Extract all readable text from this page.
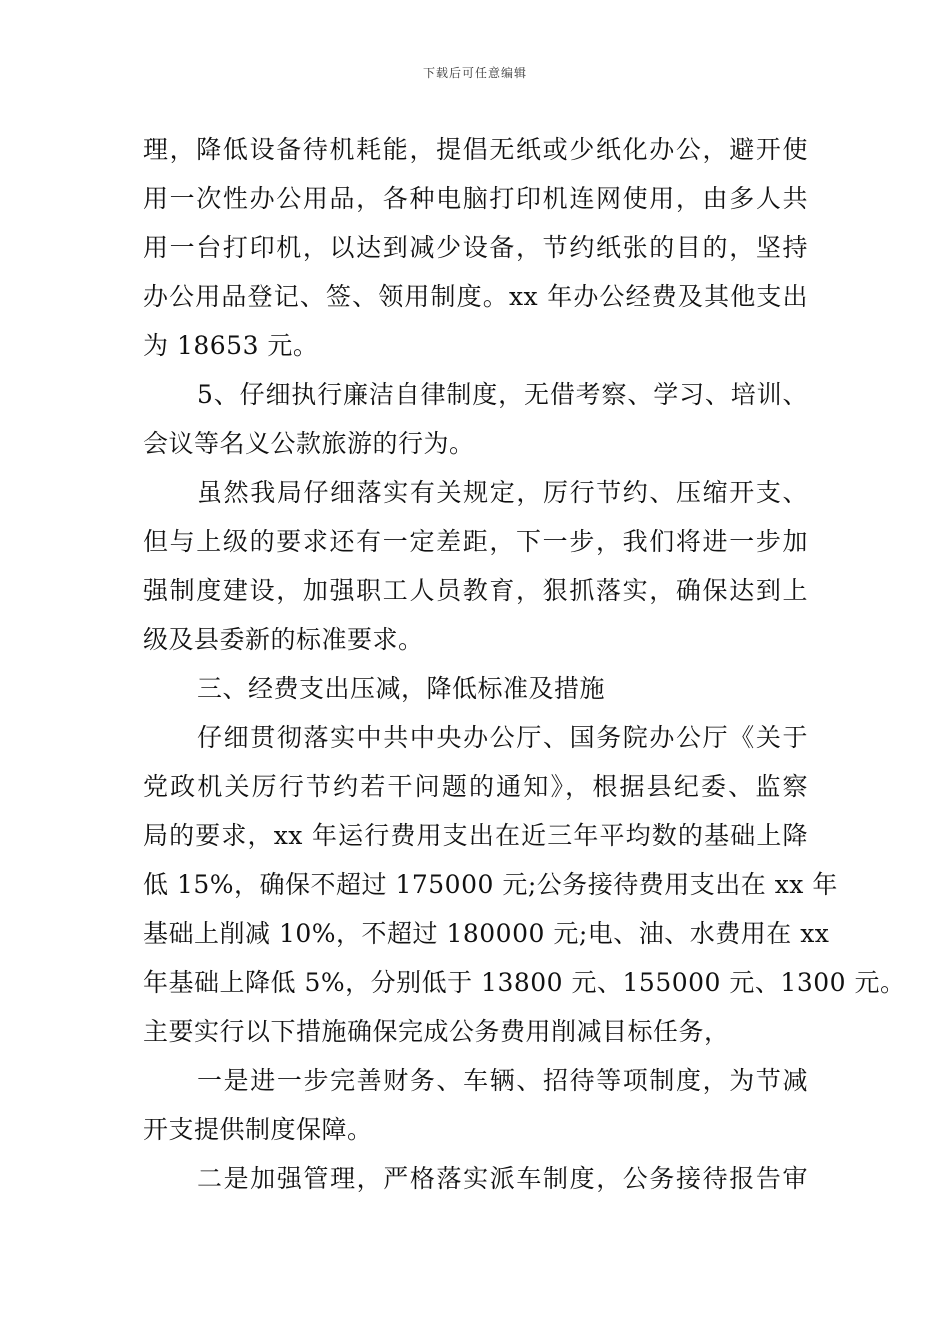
下载后可任意编辑
理，降低设备待机耗能，提倡无纸或少纸化办公，避开使
用一次性办公用品，各种电脑打印机连网使用，由多人共
用一台打印机，以达到减少设备，节约纸张的目的，坚持
办公用品登记、签、领用制度。xx 年办公经费及其他支出
为 18653 元。
5、仔细执行廉洁自律制度，无借考察、学习、培训、
会议等名义公款旅游的行为。
虽然我局仔细落实有关规定，厉行节约、压缩开支、
但与上级的要求还有一定差距，下一步，我们将进一步加
强制度建设，加强职工人员教育，狠抓落实，确保达到上
级及县委新的标准要求。
三、经费支出压减，降低标准及措施
仔细贯彻落实中共中央办公厅、国务院办公厅《关于
党政机关厉行节约若干问题的通知》，根据县纪委、监察
局的要求，xx 年运行费用支出在近三年平均数的基础上降
低 15%，确保不超过 175000 元;公务接待费用支出在 xx 年
基础上削减 10%，不超过 180000 元;电、油、水费用在 xx
年基础上降低 5%，分别低于 13800 元、155000 元、1300 元。
主要实行以下措施确保完成公务费用削减目标任务，
一是进一步完善财务、车辆、招待等项制度，为节减
开支提供制度保障。
二是加强管理，严格落实派车制度，公务接待报告审
